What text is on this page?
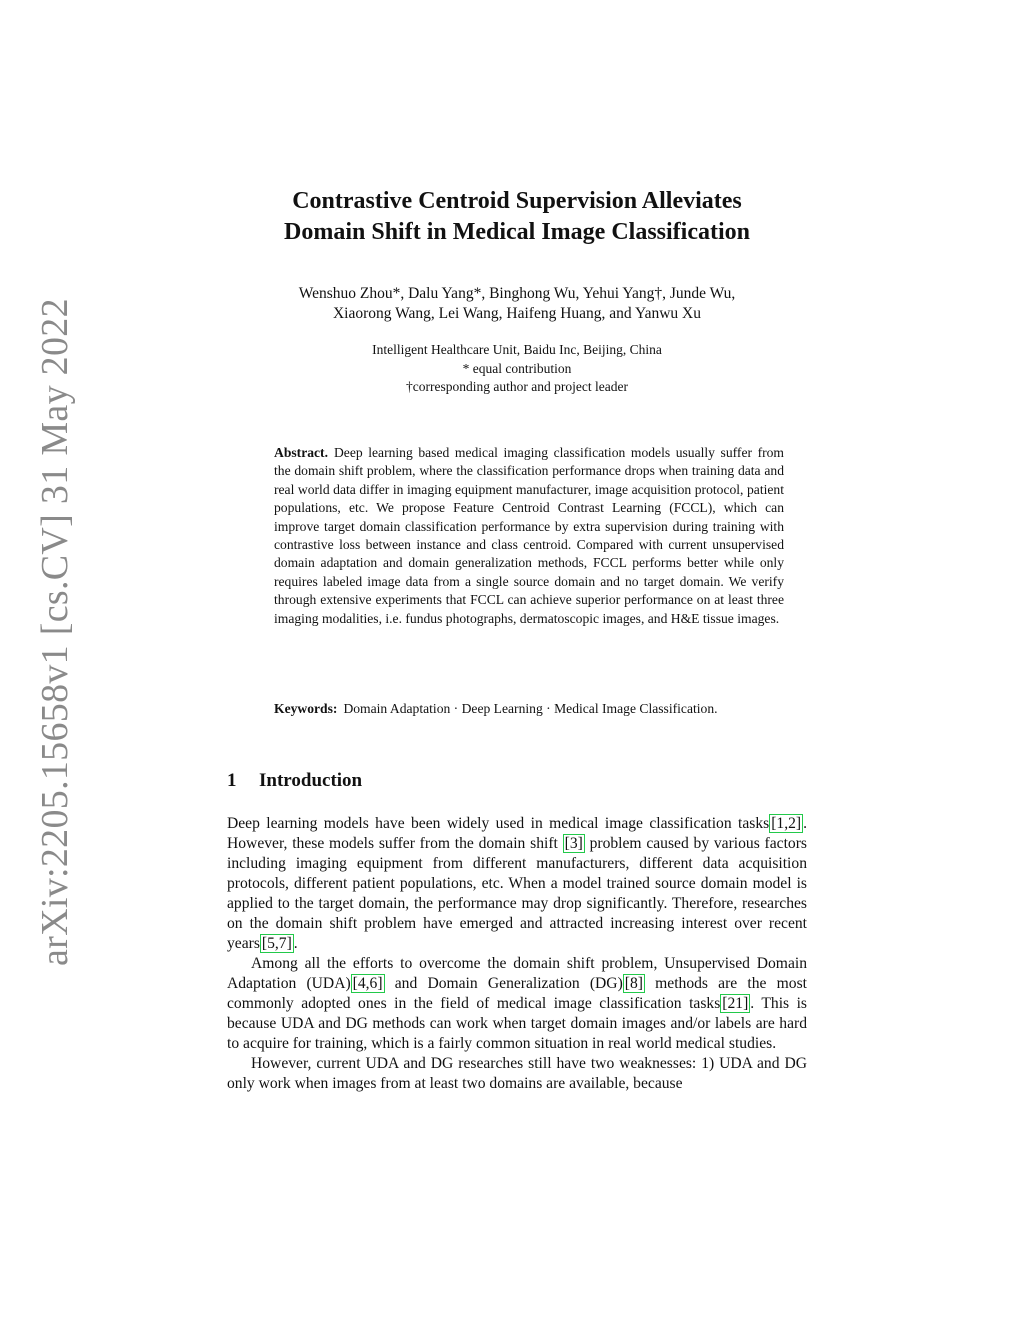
arXiv:2205.15658v1 [cs.CV] 31 May 2022
Contrastive Centroid Supervision Alleviates
Domain Shift in Medical Image Classification
Wenshuo Zhou*, Dalu Yang*, Binghong Wu, Yehui Yang†, Junde Wu,
Xiaorong Wang, Lei Wang, Haifeng Huang, and Yanwu Xu
Intelligent Healthcare Unit, Baidu Inc, Beijing, China
* equal contribution
†corresponding author and project leader
Abstract. Deep learning based medical imaging classification models usually suffer from the domain shift problem, where the classification performance drops when training data and real world data differ in imaging equipment manufacturer, image acquisition protocol, patient populations, etc. We propose Feature Centroid Contrast Learning (FCCL), which can improve target domain classification performance by extra supervision during training with contrastive loss between instance and class centroid. Compared with current unsupervised domain adaptation and domain generalization methods, FCCL performs better while only requires labeled image data from a single source domain and no target domain. We verify through extensive experiments that FCCL can achieve superior performance on at least three imaging modalities, i.e. fundus photographs, dermatoscopic images, and H&E tissue images.
Keywords: Domain Adaptation · Deep Learning · Medical Image Classification.
1 Introduction

Deep learning models have been widely used in medical image classification tasks [1,2] . However, these models suffer from the domain shift [3] problem caused by various factors including imaging equipment from different manufacturers, different data acquisition protocols, different patient populations, etc. When a model trained source domain model is applied to the target domain, the performance may drop significantly. Therefore, researches on the domain shift problem have emerged and attracted increasing interest over recent years [5,7] .

Among all the efforts to overcome the domain shift problem, Unsupervised Domain Adaptation (UDA) [4,6] and Domain Generalization (DG) [8] methods are the most commonly adopted ones in the field of medical image classification tasks [21] . This is because UDA and DG methods can work when target domain images and/or labels are hard to acquire for training, which is a fairly common situation in real world medical studies.

However, current UDA and DG researches still have two weaknesses: 1) UDA and DG only work when images from at least two domains are available, because
